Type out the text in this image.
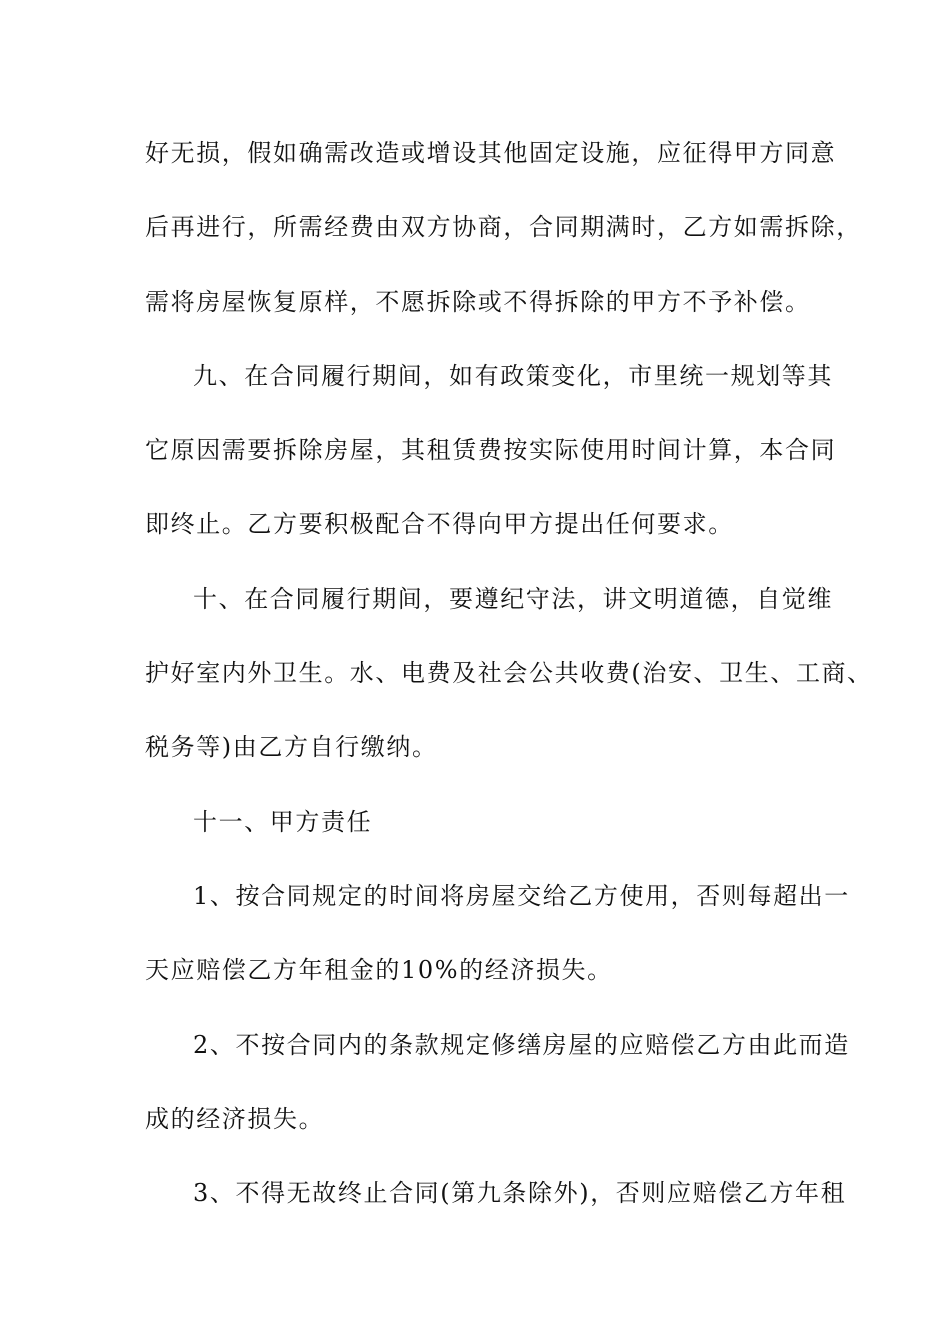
好无损，假如确需改造或增设其他固定设施，应征得甲方同意
后再进行，所需经费由双方协商，合同期满时，乙方如需拆除，
需将房屋恢复原样，不愿拆除或不得拆除的甲方不予补偿。
九、在合同履行期间，如有政策变化，市里统一规划等其
它原因需要拆除房屋，其租赁费按实际使用时间计算，本合同
即终止。乙方要积极配合不得向甲方提出任何要求。
十、在合同履行期间，要遵纪守法，讲文明道德，自觉维
护好室内外卫生。水、电费及社会公共收费(治安、卫生、工商、
税务等)由乙方自行缴纳。
十一、甲方责任
1、按合同规定的时间将房屋交给乙方使用，否则每超出一
天应赔偿乙方年租金的10%的经济损失。
2、不按合同内的条款规定修缮房屋的应赔偿乙方由此而造
成的经济损失。
3、不得无故终止合同(第九条除外)，否则应赔偿乙方年租
